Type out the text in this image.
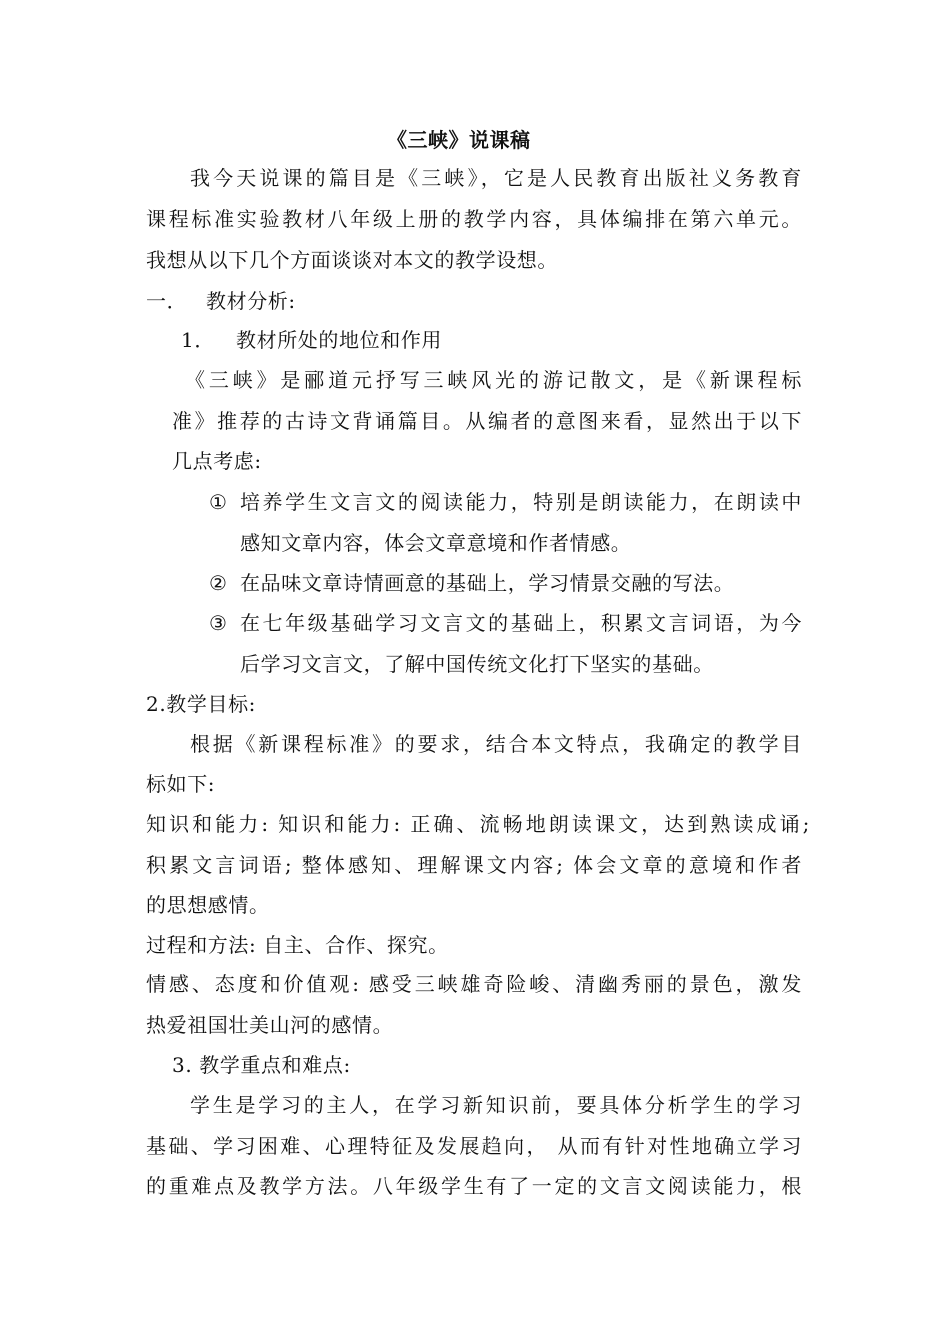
《三峡》说课稿
我今天说课的篇目是《三峡》，它是人民教育出版社义务教育
课程标准实验教材八年级上册的教学内容，具体编排在第六单元。
我想从以下几个方面谈谈对本文的教学设想。
一． 教材分析:
1． 教材所处的地位和作用
《三峡》是郦道元抒写三峡风光的游记散文，是《新课程标
准》推荐的古诗文背诵篇目。从编者的意图来看，显然出于以下
几点考虑:
① 培养学生文言文的阅读能力，特别是朗读能力，在朗读中
感知文章内容，体会文章意境和作者情感。
② 在品味文章诗情画意的基础上，学习情景交融的写法。
③ 在七年级基础学习文言文的基础上，积累文言词语，为今
后学习文言文，了解中国传统文化打下坚实的基础。
2.教学目标:
根据《新课程标准》的要求，结合本文特点，我确定的教学目
标如下:
知识和能力: 知识和能力: 正确、流畅地朗读课文，达到熟读成诵;
积累文言词语; 整体感知、理解课文内容; 体会文章的意境和作者
的思想感情。
过程和方法: 自主、合作、探究。
情感、态度和价值观: 感受三峡雄奇险峻、清幽秀丽的景色，激发
热爱祖国壮美山河的感情。
3. 教学重点和难点:
学生是学习的主人，在学习新知识前，要具体分析学生的学习
基础、学习困难、心理特征及发展趋向， 从而有针对性地确立学习
的重难点及教学方法。八年级学生有了一定的文言文阅读能力，根
